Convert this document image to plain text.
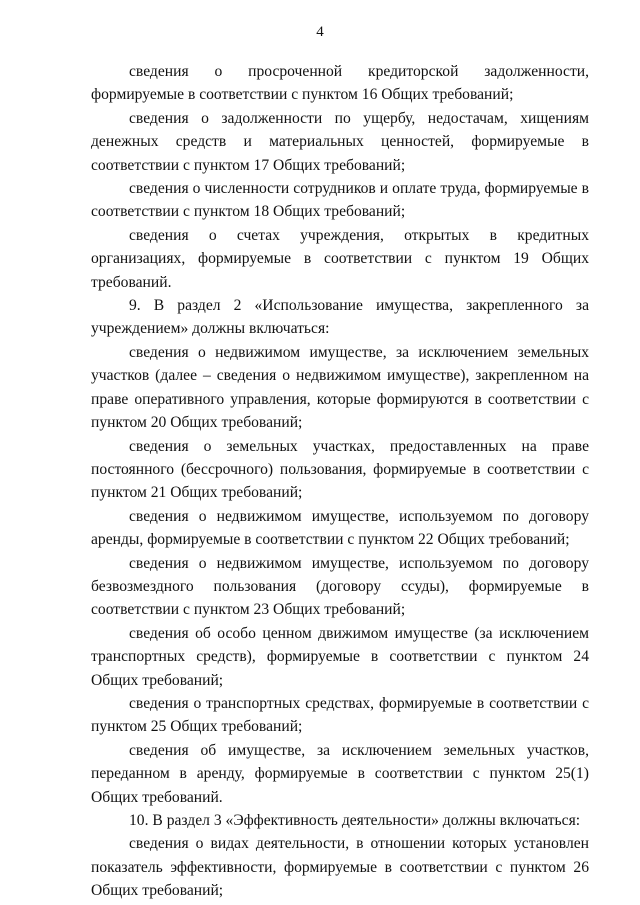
4

сведения о просроченной кредиторской задолженности, формируемые в соответствии с пунктом 16 Общих требований;

сведения о задолженности по ущербу, недостачам, хищениям денежных средств и материальных ценностей, формируемые в соответствии с пунктом 17 Общих требований;

сведения о численности сотрудников и оплате труда, формируемые в соответствии с пунктом 18 Общих требований;

сведения о счетах учреждения, открытых в кредитных организациях, формируемые в соответствии с пунктом 19 Общих требований.

9. В раздел 2 «Использование имущества, закрепленного за учреждением» должны включаться:

сведения о недвижимом имуществе, за исключением земельных участков (далее – сведения о недвижимом имуществе), закрепленном на праве оперативного управления, которые формируются в соответствии с пунктом 20 Общих требований;

сведения о земельных участках, предоставленных на праве постоянного (бессрочного) пользования, формируемые в соответствии с пунктом 21 Общих требований;

сведения о недвижимом имуществе, используемом по договору аренды, формируемые в соответствии с пунктом 22 Общих требований;

сведения о недвижимом имуществе, используемом по договору безвозмездного пользования (договору ссуды), формируемые в соответствии с пунктом 23 Общих требований;

сведения об особо ценном движимом имуществе (за исключением транспортных средств), формируемые в соответствии с пунктом 24 Общих требований;

сведения о транспортных средствах, формируемые в соответствии с пунктом 25 Общих требований;

сведения об имуществе, за исключением земельных участков, переданном в аренду, формируемые в соответствии с пунктом 25(1) Общих требований.

10. В раздел 3 «Эффективность деятельности» должны включаться:

сведения о видах деятельности, в отношении которых установлен показатель эффективности, формируемые в соответствии с пунктом 26 Общих требований;
